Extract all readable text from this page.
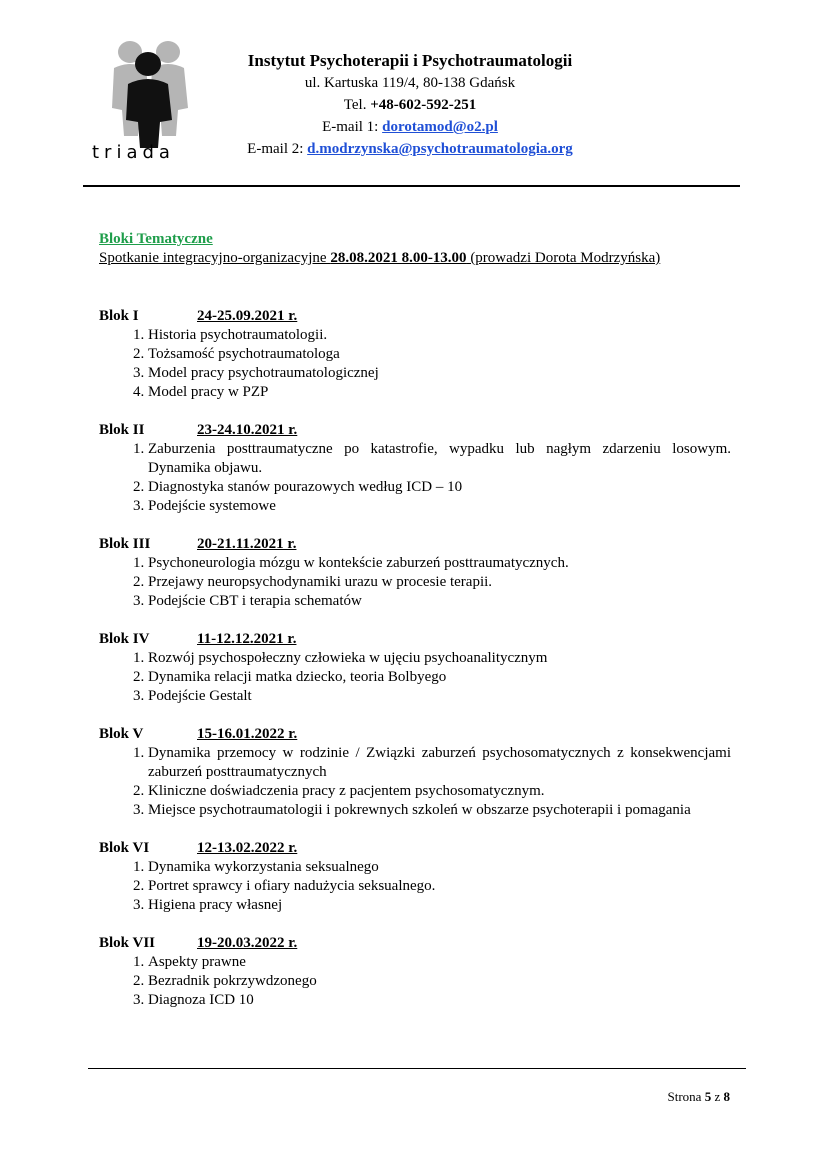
triada
Instytut Psychoterapii i Psychotraumatologii
ul. Kartuska 119/4, 80-138 Gdańsk
Tel. +48-602-592-251
E-mail 1: dorotamod@o2.pl
E-mail 2: d.modrzynska@psychotraumatologia.org
Bloki Tematyczne
Spotkanie integracyjno-organizacyjne 28.08.2021 8.00-13.00 (prowadzi Dorota Modrzyńska)
Blok I	24-25.09.2021 r.
1. Historia psychotraumatologii.
2. Tożsamość psychotraumatologa
3. Model pracy psychotraumatologicznej
4. Model pracy w PZP
Blok II	23-24.10.2021 r.
1. Zaburzenia posttraumatyczne po katastrofie, wypadku lub nagłym zdarzeniu losowym. Dynamika objawu.
2. Diagnostyka stanów pourazowych według ICD – 10
3. Podejście systemowe
Blok III	20-21.11.2021 r.
1. Psychoneurologia mózgu w kontekście zaburzeń posttraumatycznych.
2. Przejawy neuropsychodynamiki urazu w procesie terapii.
3. Podejście CBT i terapia schematów
Blok IV	11-12.12.2021 r.
1. Rozwój psychospołeczny człowieka w ujęciu psychoanalitycznym
2. Dynamika relacji matka dziecko, teoria Bolbyego
3. Podejście Gestalt
Blok V	15-16.01.2022 r.
1. Dynamika przemocy w rodzinie / Związki zaburzeń psychosomatycznych z konsekwencjami zaburzeń posttraumatycznych
2. Kliniczne doświadczenia pracy z pacjentem psychosomatycznym.
3. Miejsce psychotraumatologii i pokrewnych szkoleń w obszarze psychoterapii i pomagania
Blok VI	12-13.02.2022 r.
1. Dynamika wykorzystania seksualnego
2. Portret sprawcy i ofiary nadużycia seksualnego.
3. Higiena pracy własnej
Blok VII	19-20.03.2022 r.
1. Aspekty prawne
2. Bezradnik pokrzywdzonego
3. Diagnoza ICD 10
Strona 5 z 8
